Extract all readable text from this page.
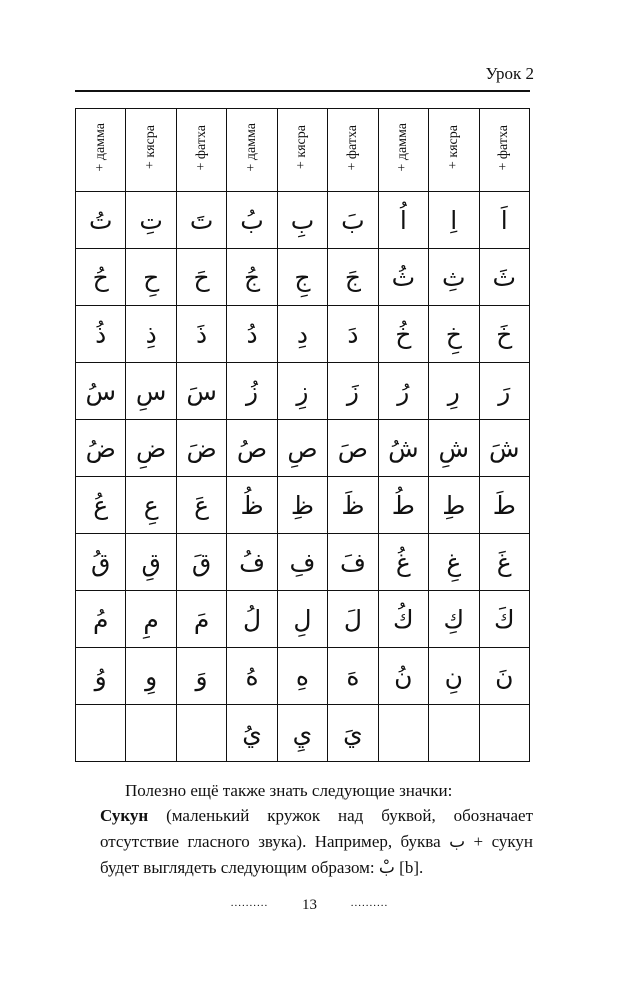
Урок 2
+ дамма	+ кясра	+ фатха	+ дамма	+ кясра	+ фатха	+ дамма	+ кясра	+ фатха
تُ	تِ	تَ	بُ	بِ	بَ	اُ	اِ	اَ
حُ	حِ	حَ	جُ	جِ	جَ	ثُ	ثِ	ثَ
ذُ	ذِ	ذَ	دُ	دِ	دَ	خُ	خِ	خَ
سُ	سِ	سَ	زُ	زِ	زَ	رُ	رِ	رَ
ضُ	ضِ	ضَ	صُ	صِ	صَ	شُ	شِ	شَ
عُ	عِ	عَ	ظُ	ظِ	ظَ	طُ	طِ	طَ
قُ	قِ	قَ	فُ	فِ	فَ	غُ	غِ	غَ
مُ	مِ	مَ	لُ	لِ	لَ	كُ	كِ	كَ
وُ	وِ	وَ	هُ	هِ	هَ	نُ	نِ	نَ
			يُ	يِ	يَ			
Полезно ещё также знать следующие значки:
Сукун (маленький кружок над буквой, обозначает
отсутствие гласного звука). Например, буква ب + сукун
будет выглядеть следующим образом: بْ [b].
.......... 13	..........
